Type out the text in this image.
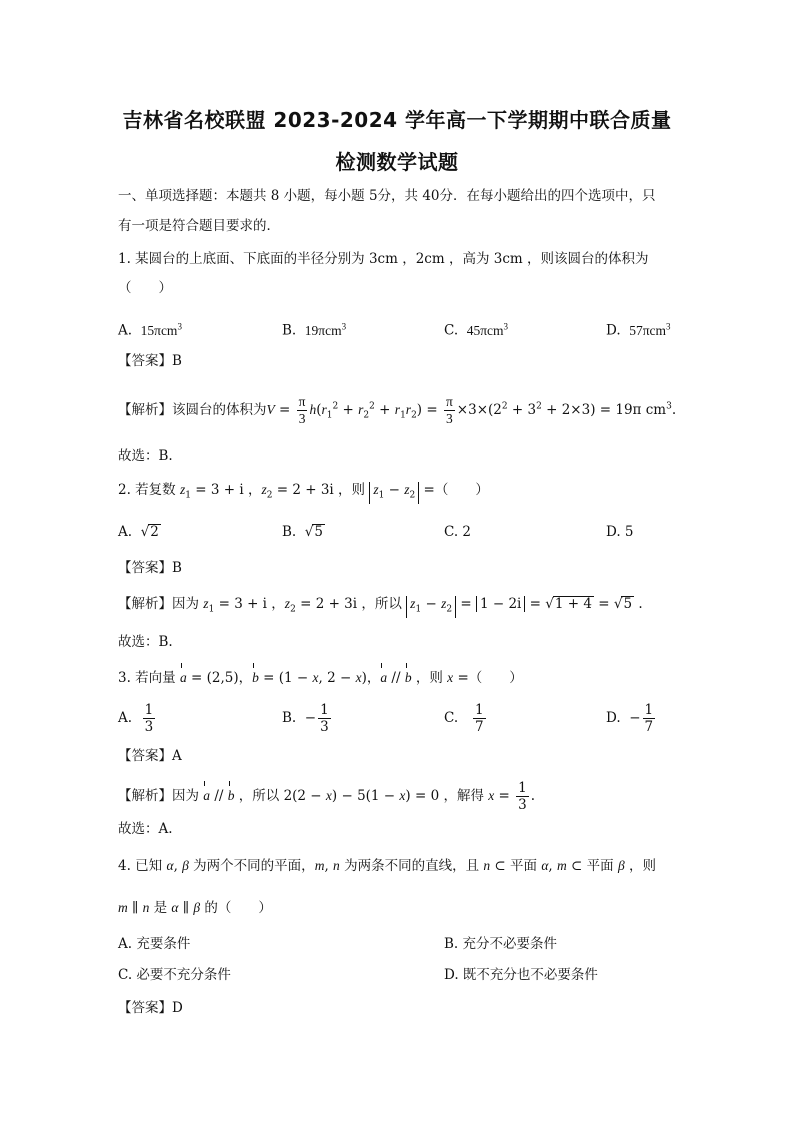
吉林省名校联盟 2023-2024 学年高一下学期期中联合质量
检测数学试题
一、单项选择题：本题共 8 小题，每小题 5分，共 40分．在每小题给出的四个选项中，只
有一项是符合题目要求的．
1. 某圆台的上底面、下底面的半径分别为 3cm ，2cm ，高为 3cm ，则该圆台的体积为
（　　）
A.  15πcm$^3$	B.  19πcm$^3$	C.  45πcm$^3$	D.  57πcm$^3$
【答案】B
【解析】该圆台的体积为$V = \frac{\pi}{3} h(r_1^2 + r_2^2 + r_1r_2) = \frac{\pi}{3} \times 3\times(2^2 + 3^2 + 2\times 3) = 19\pi$ $cm^3$.
故选：B.
2. 若复数 $z_1 = 3 + i$ ，$z_2 = 2 + 3i$ ，则 $z_1 - z_2$ =（　　）
A.  √2	B.  √5	C. 2	D. 5
【答案】B
【解析】因为 $z_1 = 3 + i$ ，$z_2 = 2 + 3i$ ，所以 $z_1 - z_2 = 1 - 2i = √1 + 4 = √5$ .
故选：B.
3. 若向量 a = (2,5)，b = (1 − x, 2 − x)，a // b ，则 x =（　　）
A. $\frac{1}{3}$	B.  − $\frac{1}{3}$	C. $\frac{1}{7}$	D.  − $\frac{1}{7}$
【答案】A
【解析】因为 a // b ，所以 2(2 − x) − 5(1 − x) = 0 ，解得 $x = \frac{1}{3}$ .
故选：A.
4. 已知 α, β 为两个不同的平面，m, n 为两条不同的直线，且 n ⊂ 平面 α, m ⊂ 平面 β ，则
m ∥ n 是 α ∥ β 的（　　）
A. 充要条件	B. 充分不必要条件
C. 必要不充分条件	D. 既不充分也不必要条件
【答案】D
